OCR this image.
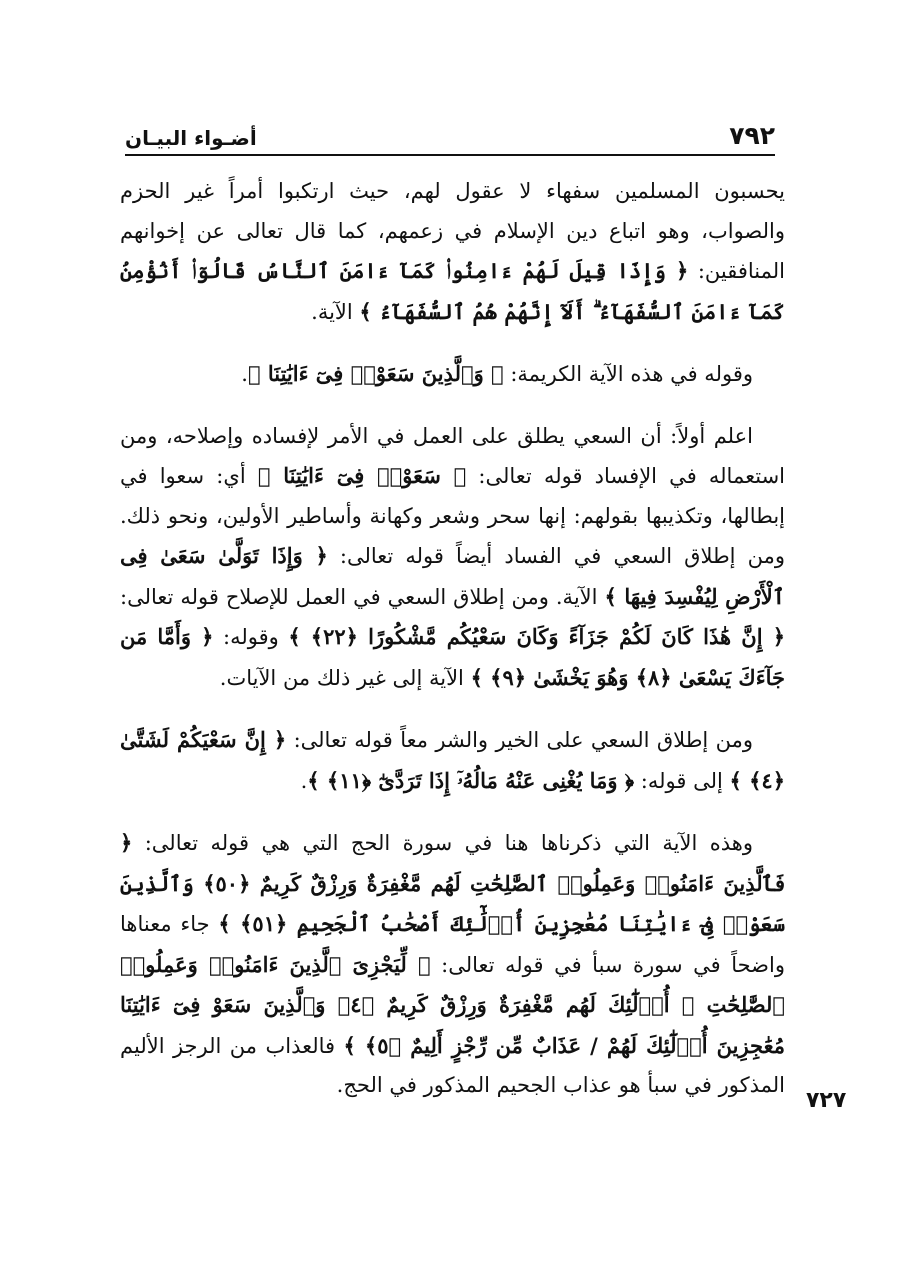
٧٩٢
أضـواء البيـان

يحسبون المسلمين سفهاء لا عقول لهم، حيث ارتكبوا أمراً غير الحزم والصواب، وهو اتباع دين الإسلام في زعمهم، كما قال تعالى عن إخوانهم المنافقين: ﴿ وَإِذَا قِيلَ لَهُمْ ءَامِنُوا۟ كَمَآ ءَامَنَ ٱلنَّاسُ قَالُوٓا۟ أَنُؤْمِنُ كَمَآ ءَامَنَ ٱلسُّفَهَآءُ ۗ أَلَآ إِنَّهُمْ هُمُ ٱلسُّفَهَآءُ ﴾ الآية.

وقوله في هذه الآية الكريمة: ﴿ وَٱلَّذِينَ سَعَوْا۟ فِىٓ ءَايَٰتِنَا ﴾.

اعلم أولاً: أن السعي يطلق على العمل في الأمر لإفساده وإصلاحه، ومن استعماله في الإفساد قوله تعالى: ﴿ سَعَوْا۟ فِىٓ ءَايَٰتِنَا ﴾ أي: سعوا في إبطالها، وتكذيبها بقولهم: إنها سحر وشعر وكهانة وأساطير الأولين، ونحو ذلك. ومن إطلاق السعي في الفساد أيضاً قوله تعالى: ﴿ وَإِذَا تَوَلَّىٰ سَعَىٰ فِى ٱلْأَرْضِ لِيُفْسِدَ فِيهَا ﴾ الآية. ومن إطلاق السعي في العمل للإصلاح قوله تعالى: ﴿ إِنَّ هَٰذَا كَانَ لَكُمْ جَزَآءً وَكَانَ سَعْيُكُم مَّشْكُورًا ﴿٢٢﴾ ﴾ وقوله: ﴿ وَأَمَّا مَن جَآءَكَ يَسْعَىٰ ﴿٨﴾ وَهُوَ يَخْشَىٰ ﴿٩﴾ ﴾ الآية إلى غير ذلك من الآيات.

ومن إطلاق السعي على الخير والشر معاً قوله تعالى: ﴿ إِنَّ سَعْيَكُمْ لَشَتَّىٰ ﴿٤﴾ ﴾ إلى قوله: ﴿ وَمَا يُغْنِى عَنْهُ مَالُهُۥٓ إِذَا تَرَدَّىٰٓ ﴿١١﴾ ﴾.

وهذه الآية التي ذكرناها هنا في سورة الحج التي هي قوله تعالى: ﴿ فَٱلَّذِينَ ءَامَنُوا۟ وَعَمِلُوا۟ ٱلصَّٰلِحَٰتِ لَهُم مَّغْفِرَةٌ وَرِزْقٌ كَرِيمٌ ﴿٥٠﴾ وَٱلَّذِينَ سَعَوْا۟ فِىٓ ءَايَٰتِنَا مُعَٰجِزِينَ أُو۟لَٰٓئِكَ أَصْحَٰبُ ٱلْجَحِيمِ ﴿٥١﴾ ﴾ جاء معناها واضحاً في سورة سبأ في قوله تعالى: ﴿ لِّيَجْزِىَ ٱلَّذِينَ ءَامَنُوا۟ وَعَمِلُوا۟ ٱلصَّٰلِحَٰتِ ۚ أُو۟لَٰٓئِكَ لَهُم مَّغْفِرَةٌ وَرِزْقٌ كَرِيمٌ ﴿٤﴾ وَٱلَّذِينَ سَعَوْ فِىٓ ءَايَٰتِنَا مُعَٰجِزِينَ أُو۟لَٰٓئِكَ لَهُمْ / عَذَابٌ مِّن رِّجْزٍ أَلِيمٌ ﴿٥﴾ ﴾ فالعذاب من الرجز الأليم المذكور في سبأ هو عذاب الجحيم المذكور في الحج.

٧٢٧
